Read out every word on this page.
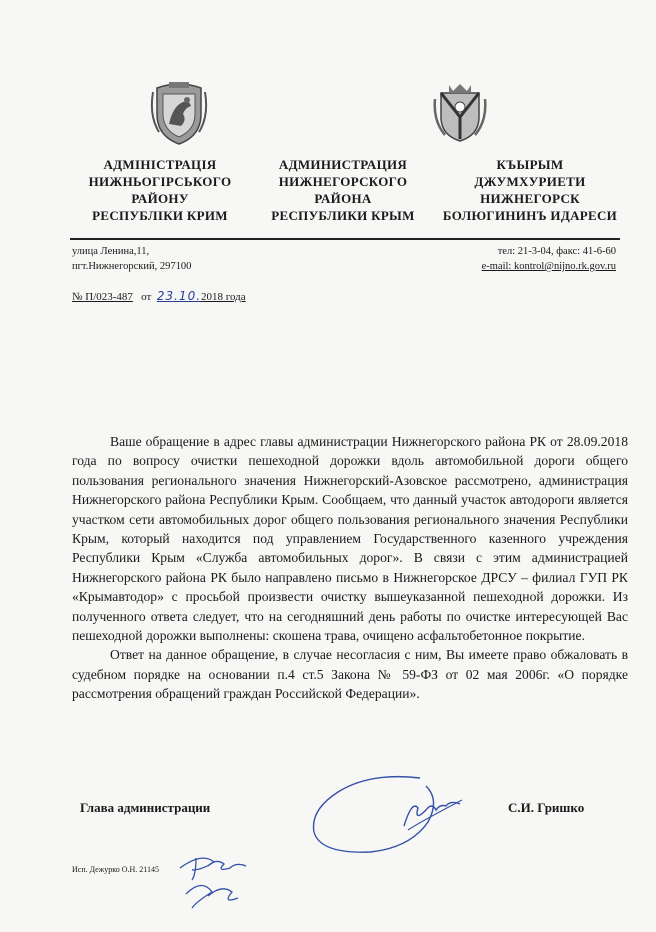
АДМІНІСТРАЦІЯ
НИЖНЬОГІРСЬКОГО
РАЙОНУ
РЕСПУБЛІКИ КРИМ
АДМИНИСТРАЦИЯ
НИЖНЕГОРСКОГО
РАЙОНА
РЕСПУБЛИКИ КРЫМ
КЪЫРЫМ
ДЖУМХУРИЕТИ
НИЖНЕГОРСК
БОЛЮГИНИНЪ ИДАРЕСИ
улица Ленина,11,
пгт.Нижнегорский, 297100
тел: 21-3-04, факс: 41-6-60
e-mail: kontrol@nijno.rk.gov.ru
№ П/023-487 от 23.10.2018 года

Ваше обращение в адрес главы администрации Нижнегорского района РК от 28.09.2018 года по вопросу очистки пешеходной дорожки вдоль автомобильной дороги общего пользования регионального значения Нижнегорский-Азовское рассмотрено, администрация Нижнегорского района Республики Крым. Сообщаем, что данный участок автодороги является участком сети автомобильных дорог общего пользования регионального значения Республики Крым, который находится под управлением Государственного казенного учреждения Республики Крым «Служба автомобильных дорог». В связи с этим администрацией Нижнегорского района РК было направлено письмо в Нижнегорское ДРСУ – филиал ГУП РК «Крымавтодор» с просьбой произвести очистку вышеуказанной пешеходной дорожки. Из полученного ответа следует, что на сегодняшний день работы по очистке интересующей Вас пешеходной дорожки выполнены: скошена трава, очищено асфальтобетонное покрытие.

Ответ на данное обращение, в случае несогласия с ним, Вы имеете право обжаловать в судебном порядке на основании п.4 ст.5 Закона № 59-ФЗ от 02 мая 2006г. «О порядке рассмотрения обращений граждан Российской Федерации».

Глава администрации	С.И. Гришко
Исп. Дежурко О.Н. 21145
